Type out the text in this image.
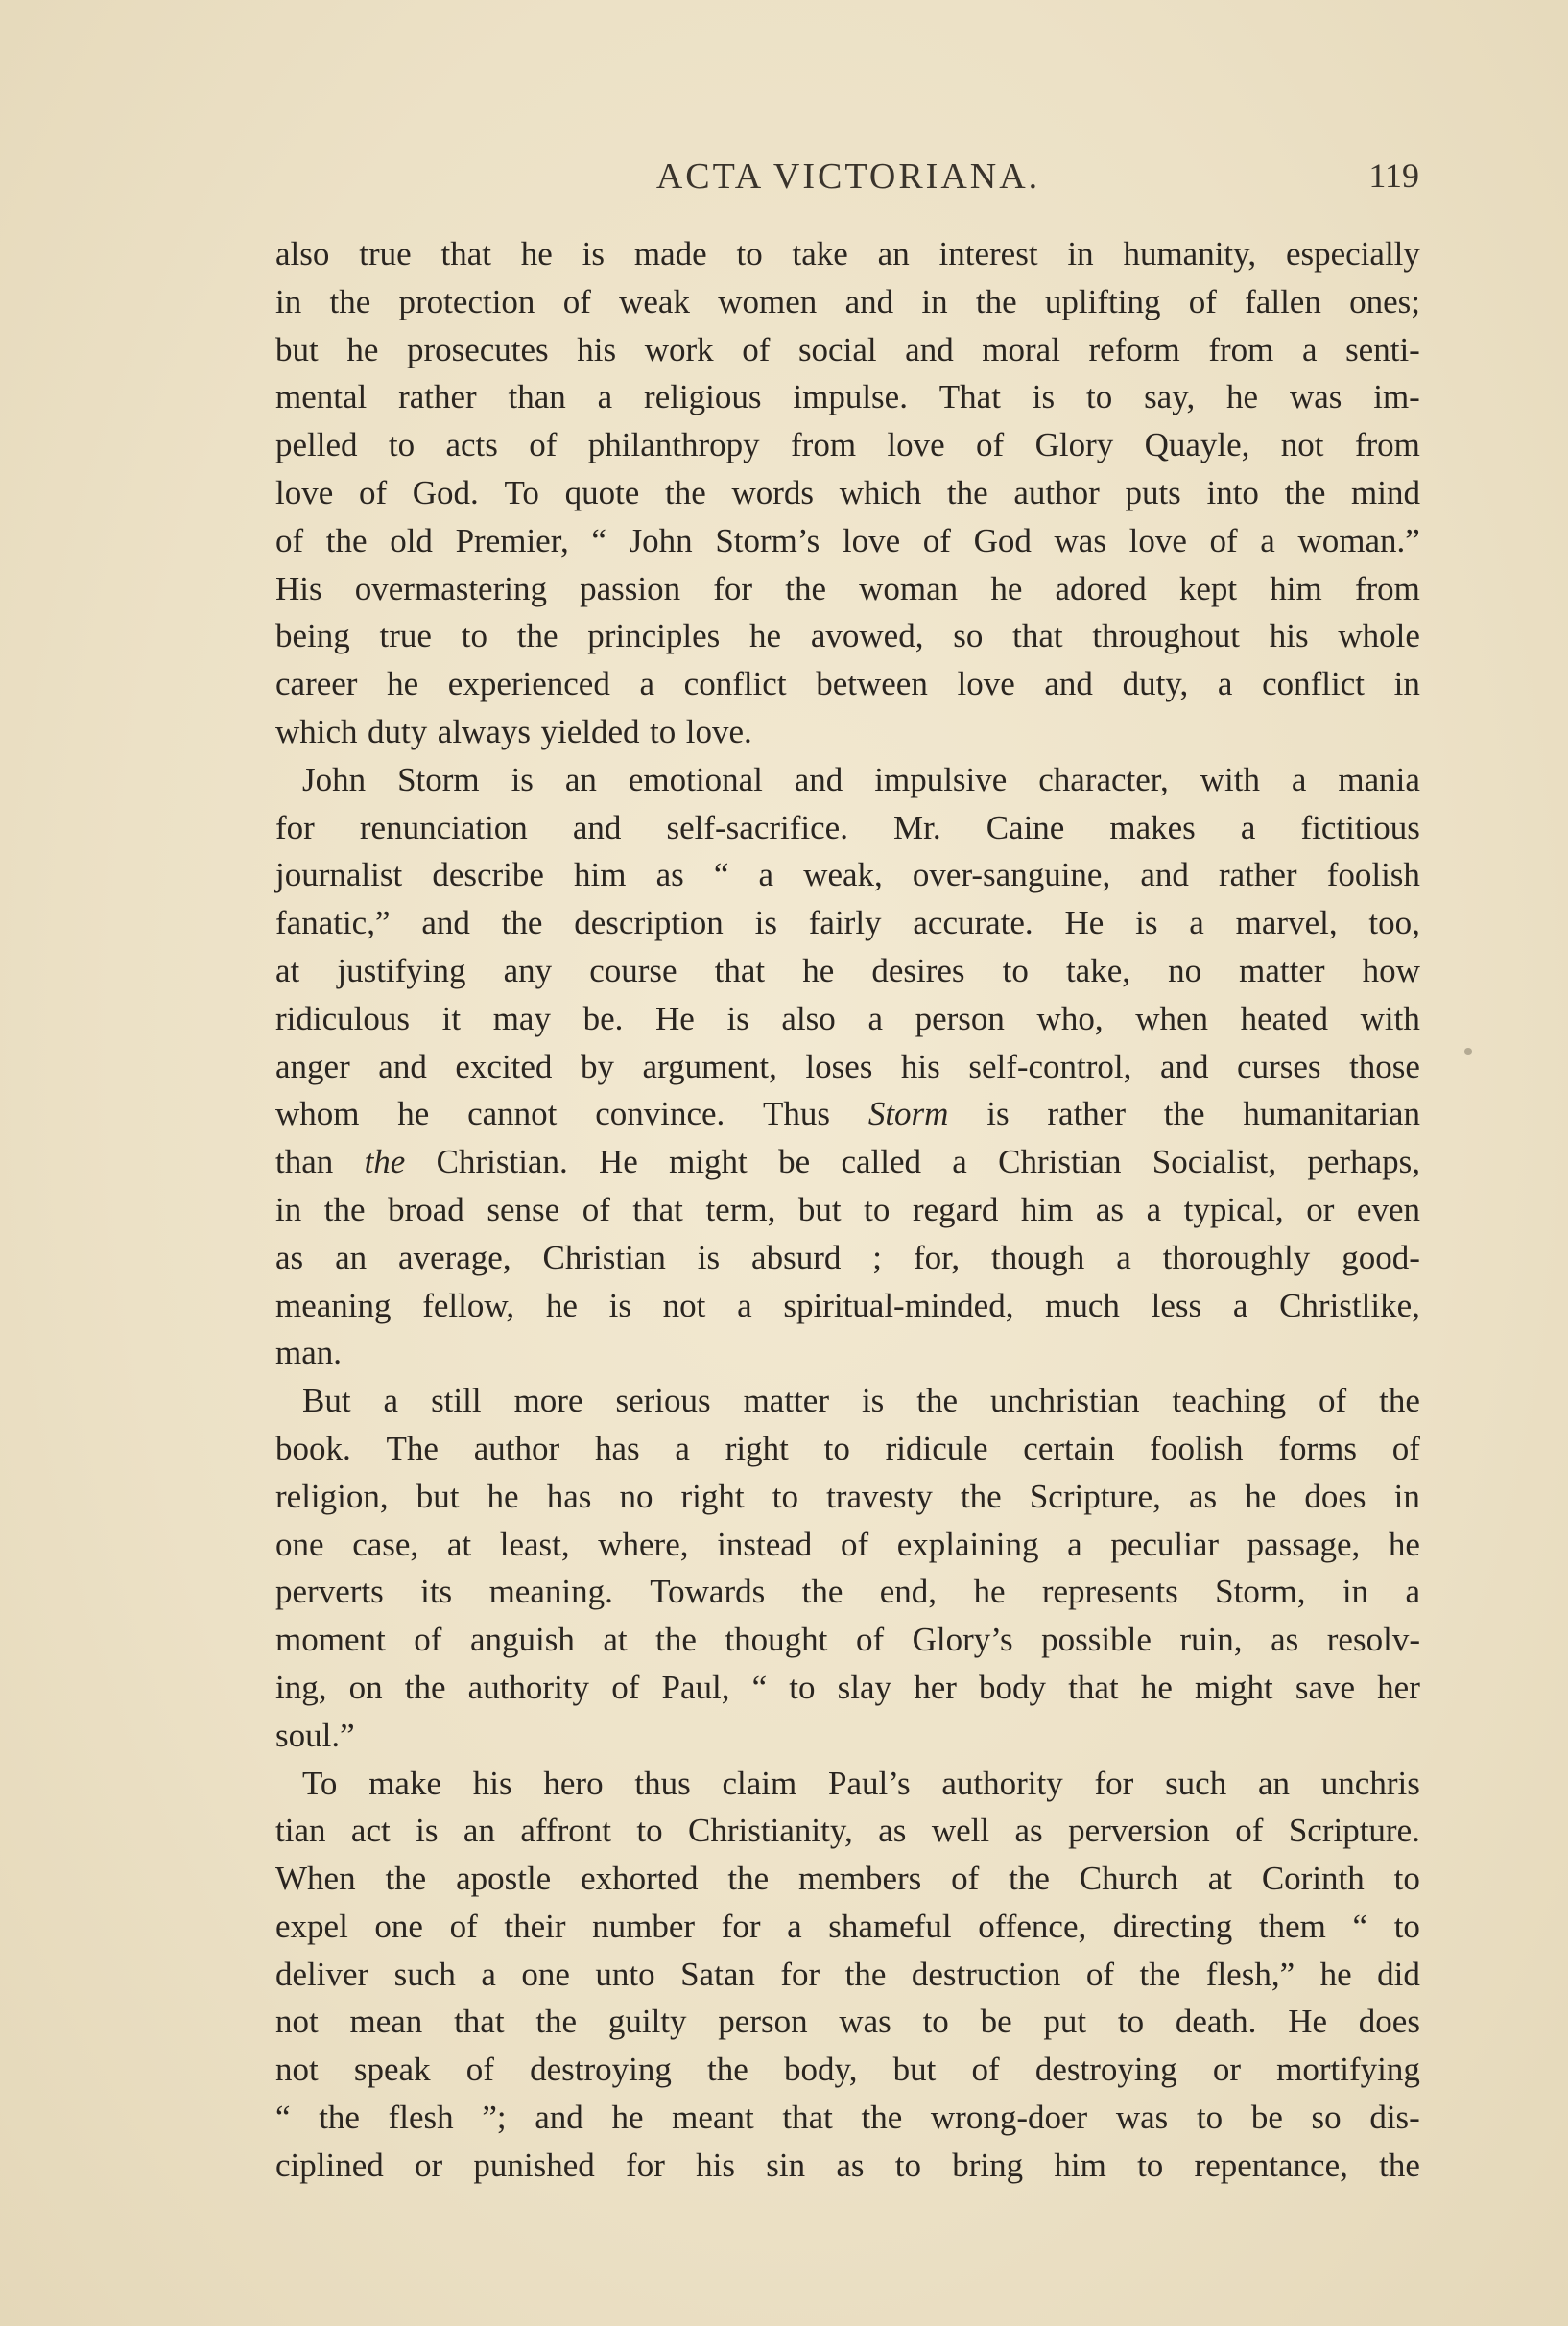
ACTA VICTORIANA.	119
also true that he is made to take an interest in humanity, especially
in the protection of weak women and in the uplifting of fallen ones;
but he prosecutes his work of social and moral reform from a senti-
mental rather than a religious impulse. That is to say, he was im-
pelled to acts of philanthropy from love of Glory Quayle, not from
love of God. To quote the words which the author puts into the mind
of the old Premier, “ John Storm’s love of God was love of a woman.”
His overmastering passion for the woman he adored kept him from
being true to the principles he avowed, so that throughout his whole
career he experienced a conflict between love and duty, a conflict in
which duty always yielded to love.
John Storm is an emotional and impulsive character, with a mania
for renunciation and self-sacrifice. Mr. Caine makes a fictitious
journalist describe him as “ a weak, over-sanguine, and rather foolish
fanatic,” and the description is fairly accurate. He is a marvel, too,
at justifying any course that he desires to take, no matter how
ridiculous it may be. He is also a person who, when heated with
anger and excited by argument, loses his self-control, and curses those
whom he cannot convince. Thus Storm is rather the humanitarian
than the Christian. He might be called a Christian Socialist, perhaps,
in the broad sense of that term, but to regard him as a typical, or even
as an average, Christian is absurd ; for, though a thoroughly good-
meaning fellow, he is not a spiritual-minded, much less a Christlike,
man.
But a still more serious matter is the unchristian teaching of the
book. The author has a right to ridicule certain foolish forms of
religion, but he has no right to travesty the Scripture, as he does in
one case, at least, where, instead of explaining a peculiar passage, he
perverts its meaning. Towards the end, he represents Storm, in a
moment of anguish at the thought of Glory’s possible ruin, as resolv-
ing, on the authority of Paul, “ to slay her body that he might save her
soul.”
To make his hero thus claim Paul’s authority for such an unchris
tian act is an affront to Christianity, as well as perversion of Scripture.
When the apostle exhorted the members of the Church at Corinth to
expel one of their number for a shameful offence, directing them “ to
deliver such a one unto Satan for the destruction of the flesh,” he did
not mean that the guilty person was to be put to death. He does
not speak of destroying the body, but of destroying or mortifying
“ the flesh ”; and he meant that the wrong-doer was to be so dis-
ciplined or punished for his sin as to bring him to repentance, the
